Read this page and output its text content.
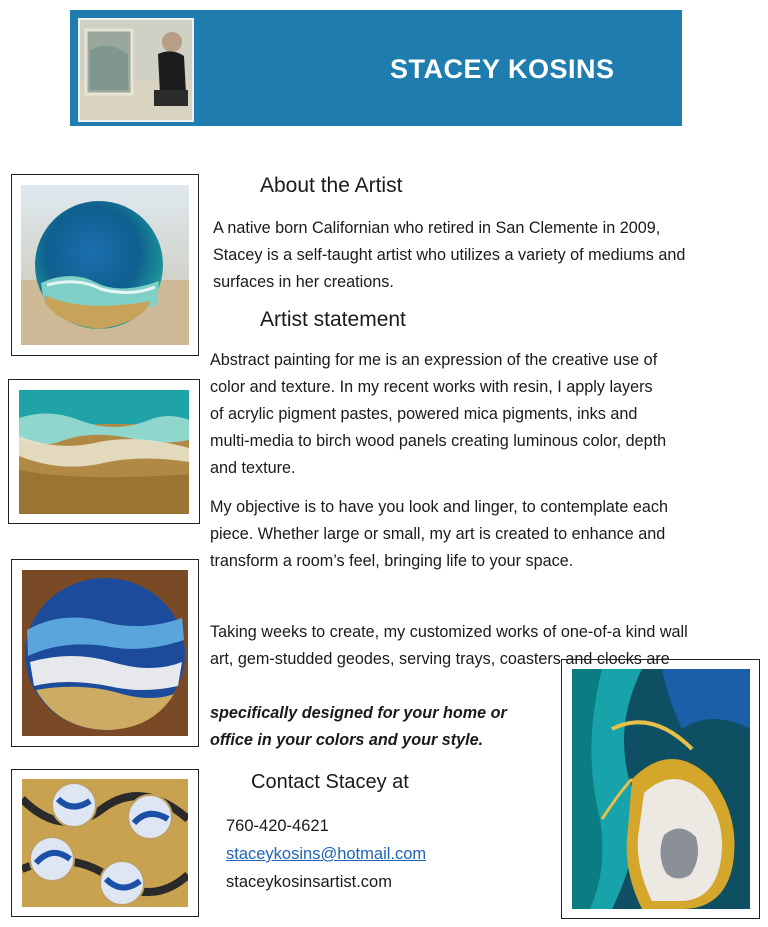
STACEY KOSINS
About the Artist

A native born Californian who retired in San Clemente in 2009, Stacey is a self-taught artist who utilizes a variety of mediums and surfaces in her creations.

Artist statement

Abstract painting for me is an expression of the creative use of color and texture. In my recent works with resin, I apply layers of acrylic pigment pastes, powered mica pigments, inks and multi-media to birch wood panels creating luminous color, depth and texture.

My objective is to have you look and linger, to contemplate each piece. Whether large or small, my art is created to enhance and transform a room’s feel, bringing life to your space.

Taking weeks to create, my customized works of one-of-a kind wall art, gem-studded geodes, serving trays, coasters and clocks are

specifically designed for your home or office in your colors and your style.

Contact Stacey at
760-420-4621
staceykosins@hotmail.com
staceykosinsartist.com
